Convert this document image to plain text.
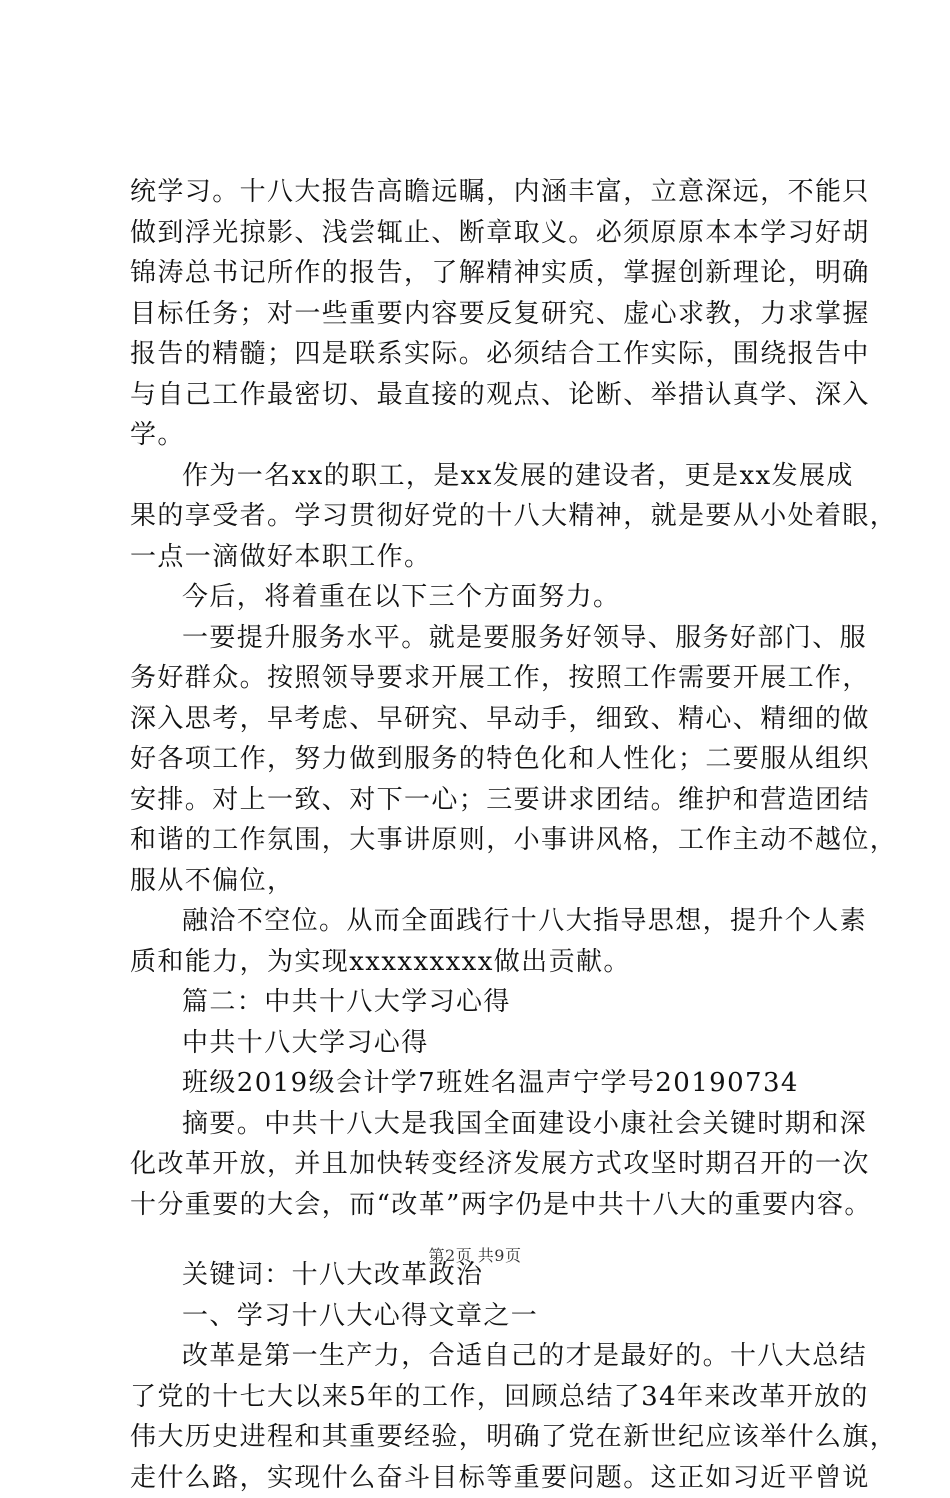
统学习。十八大报告高瞻远瞩，内涵丰富，立意深远，不能只
做到浮光掠影、浅尝辄止、断章取义。必须原原本本学习好胡
锦涛总书记所作的报告，了解精神实质，掌握创新理论，明确
目标任务；对一些重要内容要反复研究、虚心求教，力求掌握
报告的精髓；四是联系实际。必须结合工作实际，围绕报告中
与自己工作最密切、最直接的观点、论断、举措认真学、深入
学。
作为一名xx的职工，是xx发展的建设者，更是xx发展成
果的享受者。学习贯彻好党的十八大精神，就是要从小处着眼，
一点一滴做好本职工作。
今后，将着重在以下三个方面努力。
一要提升服务水平。就是要服务好领导、服务好部门、服
务好群众。按照领导要求开展工作，按照工作需要开展工作，
深入思考，早考虑、早研究、早动手，细致、精心、精细的做
好各项工作，努力做到服务的特色化和人性化；二要服从组织
安排。对上一致、对下一心；三要讲求团结。维护和营造团结
和谐的工作氛围，大事讲原则，小事讲风格，工作主动不越位，
服从不偏位，
融洽不空位。从而全面践行十八大指导思想，提升个人素
质和能力，为实现xxxxxxxxx做出贡献。
篇二：中共十八大学习心得
中共十八大学习心得
班级2019级会计学7班姓名温声宁学号20190734
摘要。中共十八大是我国全面建设小康社会关键时期和深
化改革开放，并且加快转变经济发展方式攻坚时期召开的一次
十分重要的大会，而“改革”两字仍是中共十八大的重要内容。
关键词：十八大改革政治
一、学习十八大心得文章之一
改革是第一生产力，合适自己的才是最好的。十八大总结
了党的十七大以来5年的工作，回顾总结了34年来改革开放的
伟大历史进程和其重要经验，明确了党在新世纪应该举什么旗，
走什么路，实现什么奋斗目标等重要问题。这正如习近平曾说
第2页 共9页
